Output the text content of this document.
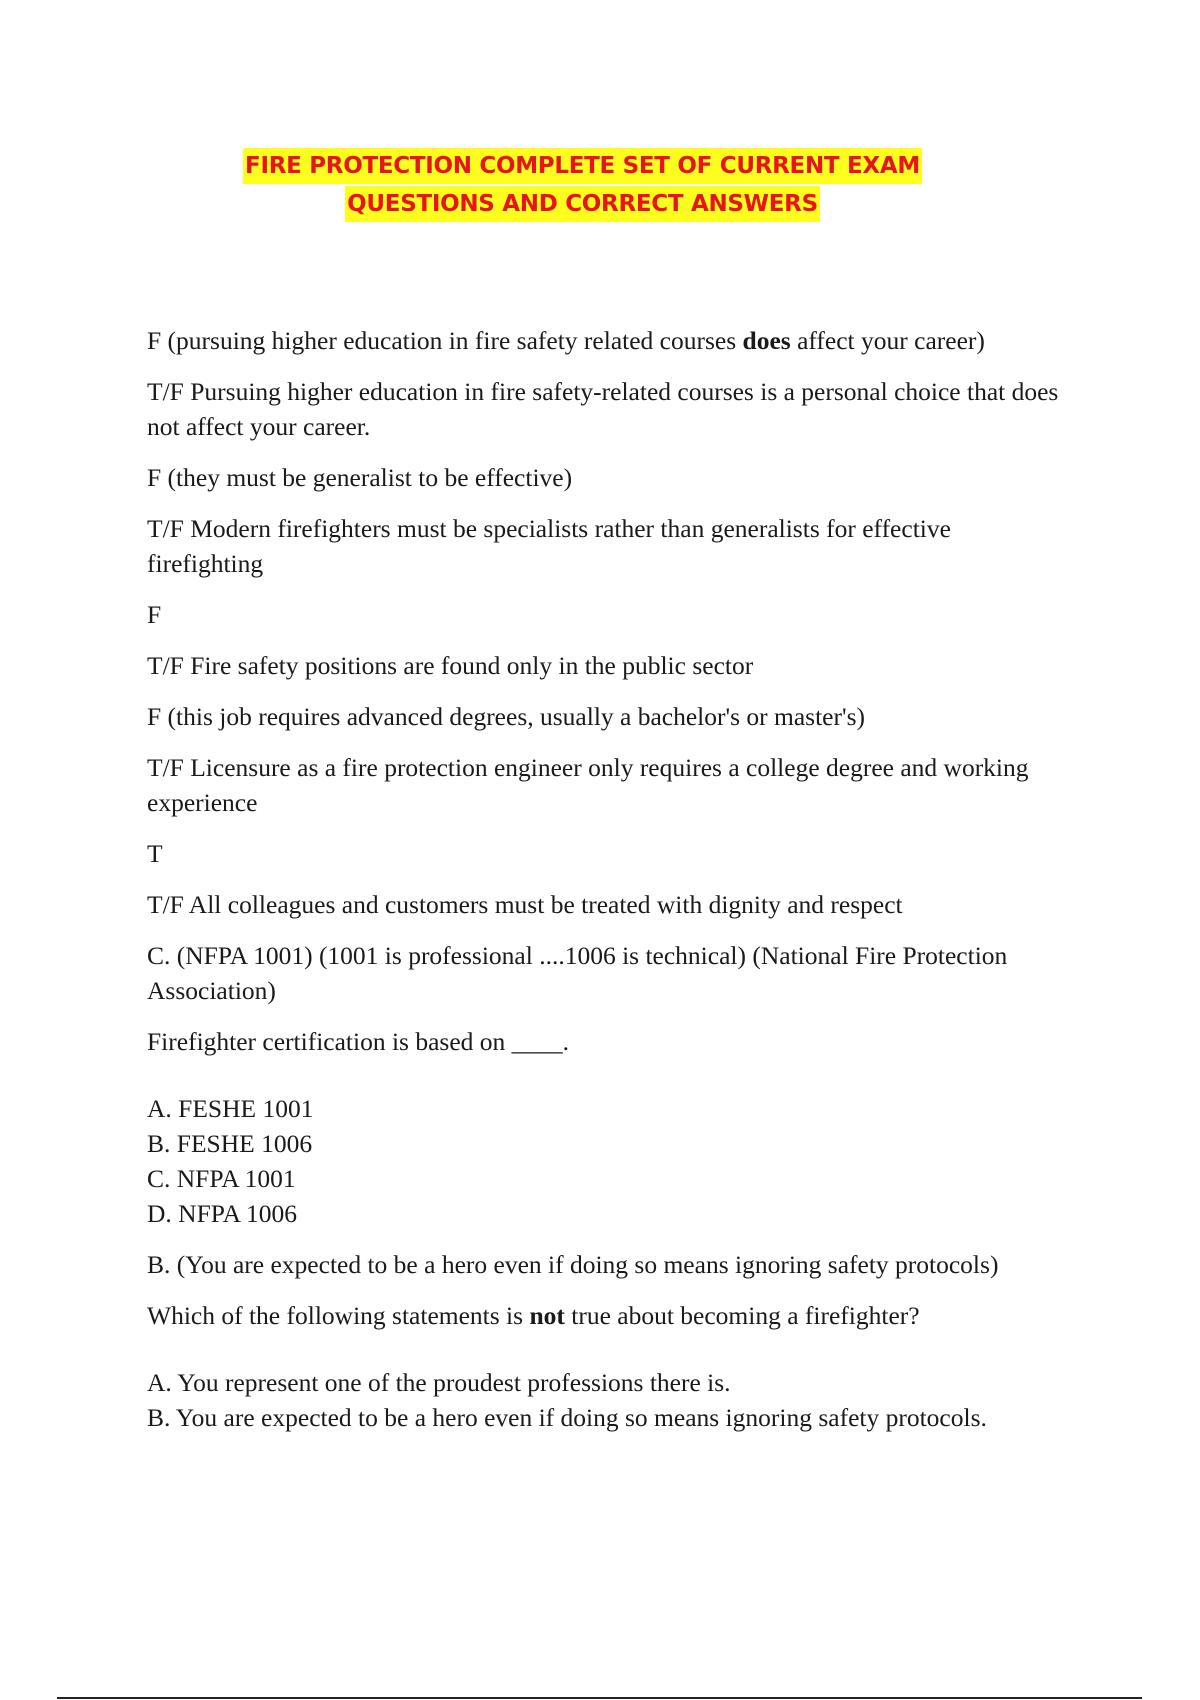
FIRE PROTECTION COMPLETE SET OF CURRENT EXAM
QUESTIONS AND CORRECT ANSWERS

F (pursuing higher education in fire safety related courses does affect your career)

T/F Pursuing higher education in fire safety-related courses is a personal choice that does not affect your career.

F (they must be generalist to be effective)

T/F Modern firefighters must be specialists rather than generalists for effective firefighting

F

T/F Fire safety positions are found only in the public sector

F (this job requires advanced degrees, usually a bachelor's or master's)

T/F Licensure as a fire protection engineer only requires a college degree and working experience

T

T/F All colleagues and customers must be treated with dignity and respect

C. (NFPA 1001) (1001 is professional ....1006 is technical) (National Fire Protection Association)

Firefighter certification is based on ____.

A. FESHE 1001
B. FESHE 1006
C. NFPA 1001
D. NFPA 1006

B. (You are expected to be a hero even if doing so means ignoring safety protocols)

Which of the following statements is not true about becoming a firefighter?

A. You represent one of the proudest professions there is.
B. You are expected to be a hero even if doing so means ignoring safety protocols.
